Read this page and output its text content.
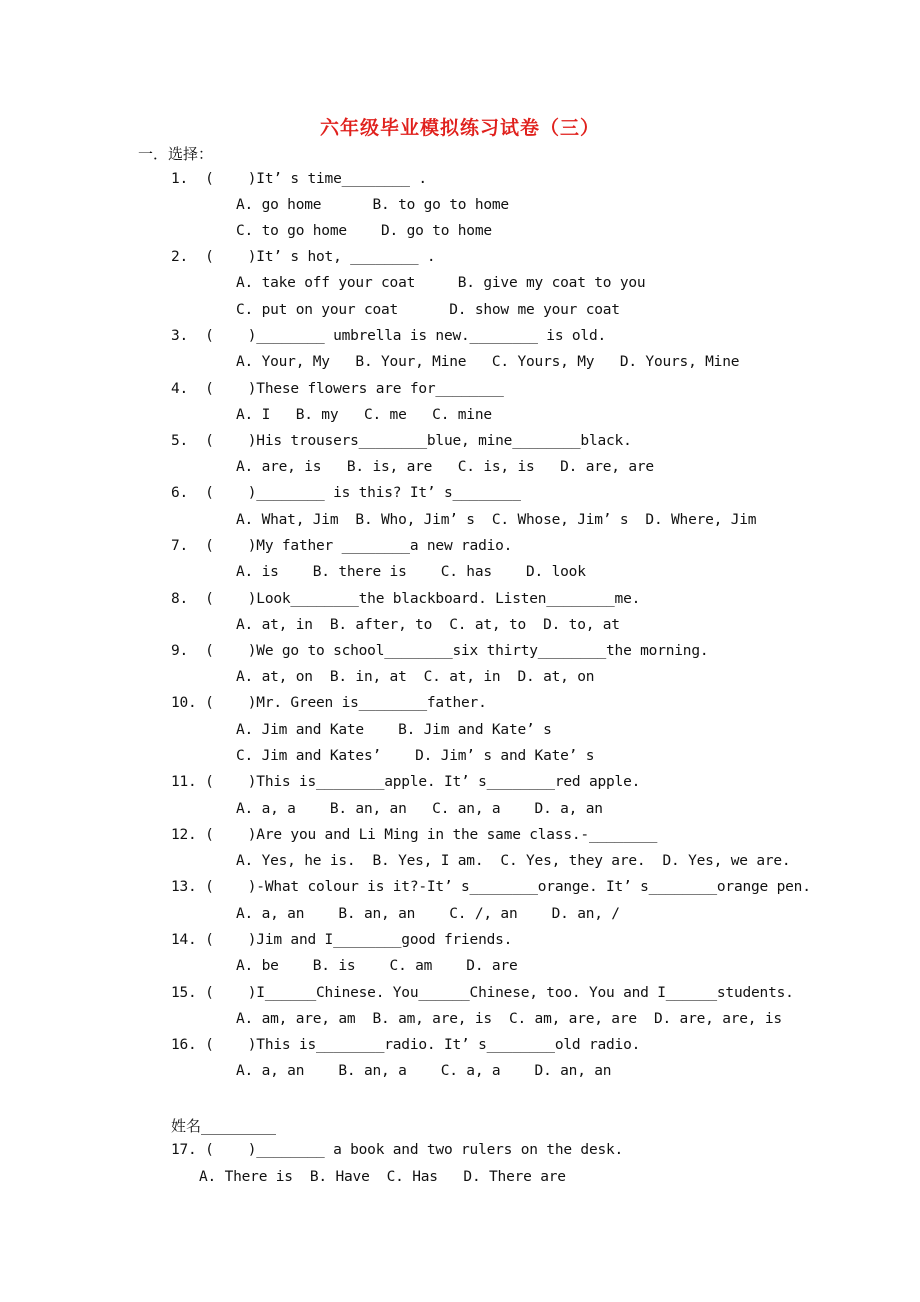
六年级毕业模拟练习试卷（三）
一．选择：
1.  (    )It’ s time________ .
A. go home      B. to go to home
C. to go home    D. go to home
2.  (    )It’ s hot, ________ .
A. take off your coat     B. give my coat to you
C. put on your coat      D. show me your coat
3.  (    )________ umbrella is new.________ is old.
A. Your, My   B. Your, Mine   C. Yours, My   D. Yours, Mine
4.  (    )These flowers are for________
A. I   B. my   C. me   C. mine
5.  (    )His trousers________blue, mine________black.
A. are, is   B. is, are   C. is, is   D. are, are
6.  (    )________ is this? It’ s________
A. What, Jim  B. Who, Jim’ s  C. Whose, Jim’ s  D. Where, Jim
7.  (    )My father ________a new radio.
A. is    B. there is    C. has    D. look
8.  (    )Look________the blackboard. Listen________me.
A. at, in  B. after, to  C. at, to  D. to, at
9.  (    )We go to school________six thirty________the morning.
A. at, on  B. in, at  C. at, in  D. at, on
10. (    )Mr. Green is________father.
A. Jim and Kate    B. Jim and Kate’ s
C. Jim and Kates’    D. Jim’ s and Kate’ s
11. (    )This is________apple. It’ s________red apple.
A. a, a    B. an, an   C. an, a    D. a, an
12. (    )Are you and Li Ming in the same class.-________
A. Yes, he is.  B. Yes, I am.  C. Yes, they are.  D. Yes, we are.
13. (    )-What colour is it?-It’ s________orange. It’ s________orange pen.
A. a, an    B. an, an    C. /, an    D. an, /
14. (    )Jim and I________good friends.
A. be    B. is    C. am    D. are
15. (    )I______Chinese. You______Chinese, too. You and I______students.
A. am, are, am  B. am, are, is  C. am, are, are  D. are, are, is
16. (    )This is________radio. It’ s________old radio.
A. a, an    B. an, a    C. a, a    D. an, an
姓名__________
17. (    )________ a book and two rulers on the desk.
A. There is  B. Have  C. Has   D. There are
